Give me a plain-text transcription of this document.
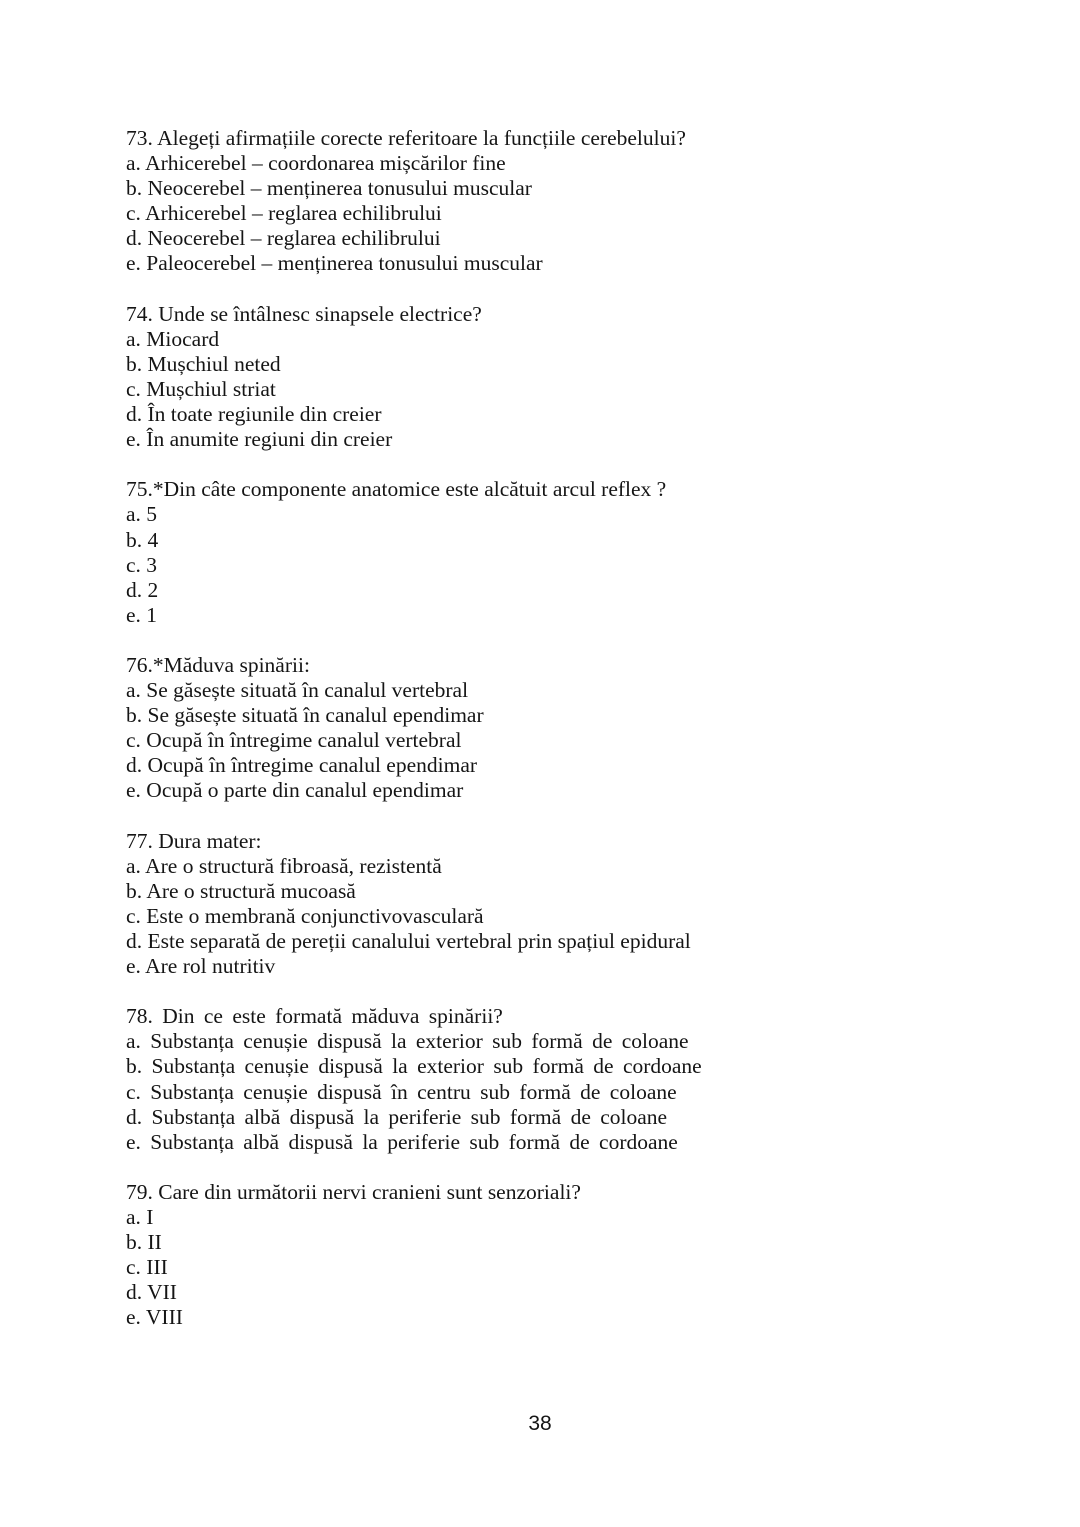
73. Alegeți afirmațiile corecte referitoare la funcțiile cerebelului?

a. Arhicerebel – coordonarea mișcărilor fine

b. Neocerebel – menținerea tonusului muscular

c. Arhicerebel – reglarea echilibrului

d. Neocerebel – reglarea echilibrului

e. Paleocerebel – menținerea tonusului muscular

74. Unde se întâlnesc sinapsele electrice?

a. Miocard

b. Mușchiul neted

c. Mușchiul striat

d. În toate regiunile din creier

e. În anumite regiuni din creier

75.*Din câte componente anatomice este alcătuit arcul reflex ?

a. 5

b. 4

c. 3

d. 2

e. 1

76.*Măduva spinării:

a. Se găsește situată în canalul vertebral

b. Se găsește situată în canalul ependimar

c. Ocupă în întregime canalul vertebral

d. Ocupă în întregime canalul ependimar

e. Ocupă o parte din canalul ependimar

77. Dura mater:

a. Are o structură fibroasă, rezistentă

b. Are o structură mucoasă

c. Este o membrană conjunctivovasculară

d. Este separată de pereții canalului vertebral prin spațiul epidural

e. Are rol nutritiv

78. Din ce este formată măduva spinării?

a. Substanța cenușie dispusă la exterior sub formă de coloane

b. Substanța cenușie dispusă la exterior sub formă de cordoane

c. Substanța cenușie dispusă în centru sub formă de coloane

d. Substanța albă dispusă la periferie sub formă de coloane

e. Substanța albă dispusă la periferie sub formă de cordoane

79. Care din următorii nervi cranieni sunt senzoriali?

a. I

b. II

c. III

d. VII

e. VIII

38
